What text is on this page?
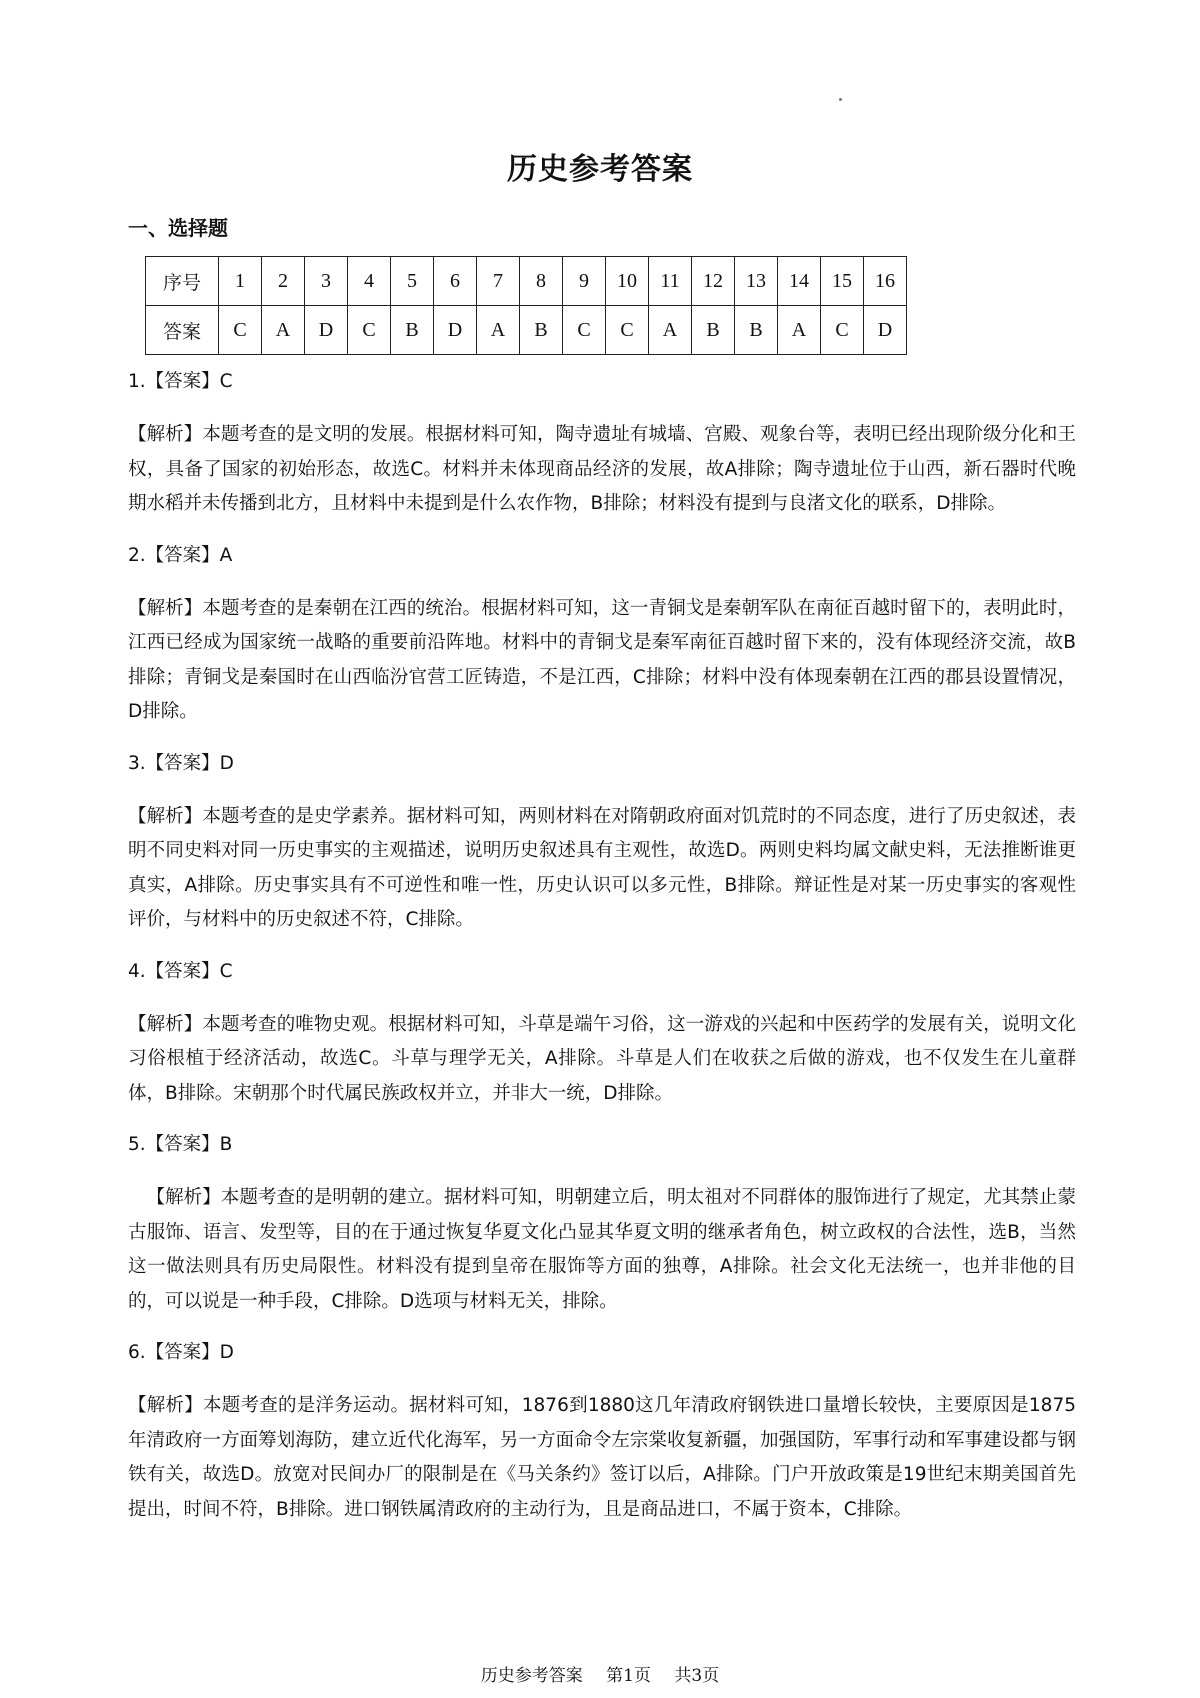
历史参考答案
一、选择题
序号	1	2	3	4	5	6	7	8	9	10	11	12	13	14	15	16
答案	C	A	D	C	B	D	A	B	C	C	A	B	B	A	C	D
1.【答案】C
【解析】本题考查的是文明的发展。根据材料可知，陶寺遗址有城墙、宫殿、观象台等，表明已经出现阶级分化和王权，具备了国家的初始形态，故选C。材料并未体现商品经济的发展，故A排除；陶寺遗址位于山西，新石器时代晚期水稻并未传播到北方，且材料中未提到是什么农作物，B排除；材料没有提到与良渚文化的联系，D排除。
2.【答案】A
【解析】本题考查的是秦朝在江西的统治。根据材料可知，这一青铜戈是秦朝军队在南征百越时留下的，表明此时，江西已经成为国家统一战略的重要前沿阵地。材料中的青铜戈是秦军南征百越时留下来的，没有体现经济交流，故B排除；青铜戈是秦国时在山西临汾官营工匠铸造，不是江西，C排除；材料中没有体现秦朝在江西的郡县设置情况，D排除。
3.【答案】D
【解析】本题考查的是史学素养。据材料可知，两则材料在对隋朝政府面对饥荒时的不同态度，进行了历史叙述，表明不同史料对同一历史事实的主观描述，说明历史叙述具有主观性，故选D。两则史料均属文献史料，无法推断谁更真实，A排除。历史事实具有不可逆性和唯一性，历史认识可以多元性，B排除。辩证性是对某一历史事实的客观性评价，与材料中的历史叙述不符，C排除。
4.【答案】C
【解析】本题考查的唯物史观。根据材料可知，斗草是端午习俗，这一游戏的兴起和中医药学的发展有关，说明文化习俗根植于经济活动，故选C。斗草与理学无关，A排除。斗草是人们在收获之后做的游戏，也不仅发生在儿童群体，B排除。宋朝那个时代属民族政权并立，并非大一统，D排除。
5.【答案】B
【解析】本题考查的是明朝的建立。据材料可知，明朝建立后，明太祖对不同群体的服饰进行了规定，尤其禁止蒙古服饰、语言、发型等，目的在于通过恢复华夏文化凸显其华夏文明的继承者角色，树立政权的合法性，选B，当然这一做法则具有历史局限性。材料没有提到皇帝在服饰等方面的独尊，A排除。社会文化无法统一，也并非他的目的，可以说是一种手段，C排除。D选项与材料无关，排除。
6.【答案】D
【解析】本题考查的是洋务运动。据材料可知，1876到1880这几年清政府钢铁进口量增长较快，主要原因是1875年清政府一方面筹划海防，建立近代化海军，另一方面命令左宗棠收复新疆，加强国防，军事行动和军事建设都与钢铁有关，故选D。放宽对民间办厂的限制是在《马关条约》签订以后，A排除。门户开放政策是19世纪末期美国首先提出，时间不符，B排除。进口钢铁属清政府的主动行为，且是商品进口，不属于资本，C排除。
历史参考答案 第1页 共3页
